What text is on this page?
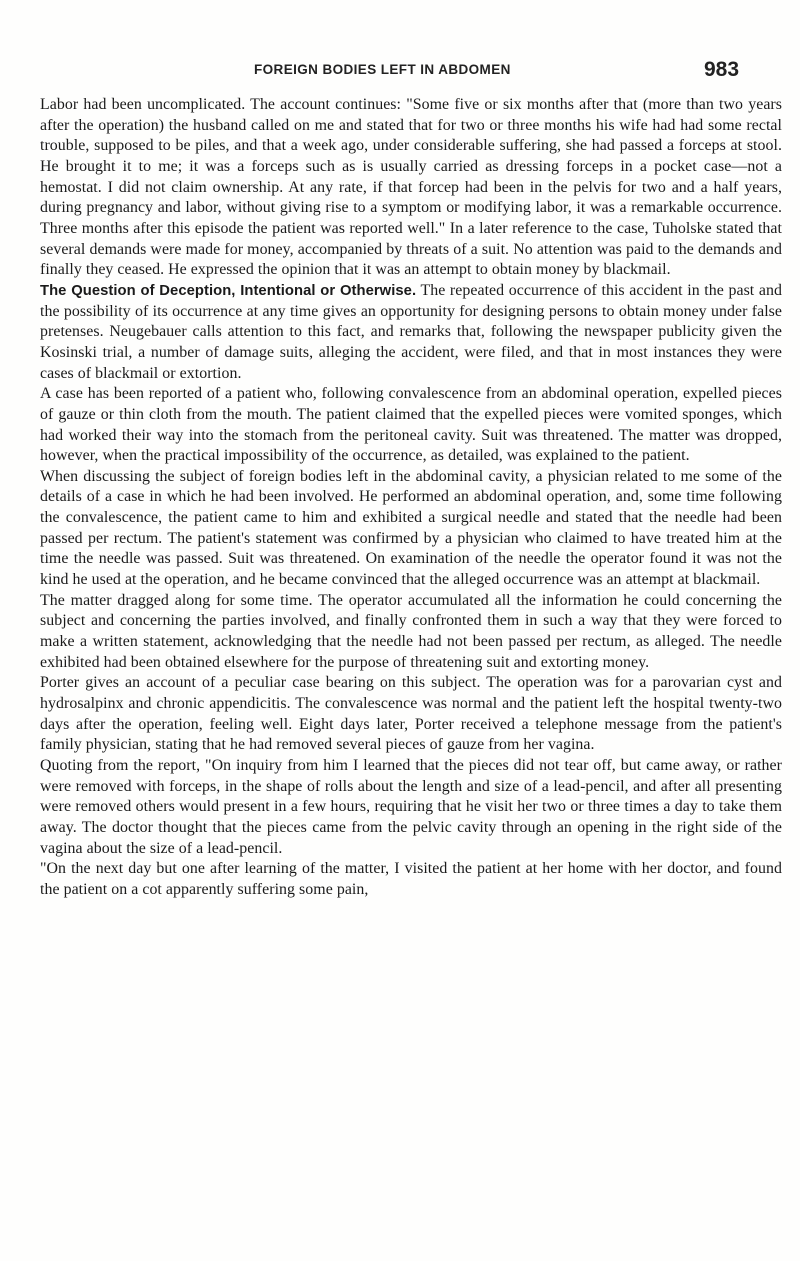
FOREIGN BODIES LEFT IN ABDOMEN	983

Labor had been uncomplicated. The account continues: "Some five or six months after that (more than two years after the operation) the husband called on me and stated that for two or three months his wife had had some rectal trouble, supposed to be piles, and that a week ago, under considerable suffering, she had passed a forceps at stool. He brought it to me; it was a forceps such as is usually carried as dressing forceps in a pocket case—not a hemostat. I did not claim ownership. At any rate, if that forcep had been in the pelvis for two and a half years, during pregnancy and labor, without giving rise to a symptom or modifying labor, it was a remarkable occurrence. Three months after this episode the patient was reported well." In a later reference to the case, Tuholske stated that several demands were made for money, accompanied by threats of a suit. No attention was paid to the demands and finally they ceased. He expressed the opinion that it was an attempt to obtain money by blackmail.

The Question of Deception, Intentional or Otherwise. The repeated occurrence of this accident in the past and the possibility of its occurrence at any time gives an opportunity for designing persons to obtain money under false pretenses. Neugebauer calls attention to this fact, and remarks that, following the newspaper publicity given the Kosinski trial, a number of damage suits, alleging the accident, were filed, and that in most instances they were cases of blackmail or extortion.

A case has been reported of a patient who, following convalescence from an abdominal operation, expelled pieces of gauze or thin cloth from the mouth. The patient claimed that the expelled pieces were vomited sponges, which had worked their way into the stomach from the peritoneal cavity. Suit was threatened. The matter was dropped, however, when the practical impossibility of the occurrence, as detailed, was explained to the patient.

When discussing the subject of foreign bodies left in the abdominal cavity, a physician related to me some of the details of a case in which he had been involved. He performed an abdominal operation, and, some time following the convalescence, the patient came to him and exhibited a surgical needle and stated that the needle had been passed per rectum. The patient's statement was confirmed by a physician who claimed to have treated him at the time the needle was passed. Suit was threatened. On examination of the needle the operator found it was not the kind he used at the operation, and he became convinced that the alleged occurrence was an attempt at blackmail.

The matter dragged along for some time. The operator accumulated all the information he could concerning the subject and concerning the parties involved, and finally confronted them in such a way that they were forced to make a written statement, acknowledging that the needle had not been passed per rectum, as alleged. The needle exhibited had been obtained elsewhere for the purpose of threatening suit and extorting money.

Porter gives an account of a peculiar case bearing on this subject. The operation was for a parovarian cyst and hydrosalpinx and chronic appendicitis. The convalescence was normal and the patient left the hospital twenty-two days after the operation, feeling well. Eight days later, Porter received a telephone message from the patient's family physician, stating that he had removed several pieces of gauze from her vagina.

Quoting from the report, "On inquiry from him I learned that the pieces did not tear off, but came away, or rather were removed with forceps, in the shape of rolls about the length and size of a lead-pencil, and after all presenting were removed others would present in a few hours, requiring that he visit her two or three times a day to take them away. The doctor thought that the pieces came from the pelvic cavity through an opening in the right side of the vagina about the size of a lead-pencil.

"On the next day but one after learning of the matter, I visited the patient at her home with her doctor, and found the patient on a cot apparently suffering some pain,
